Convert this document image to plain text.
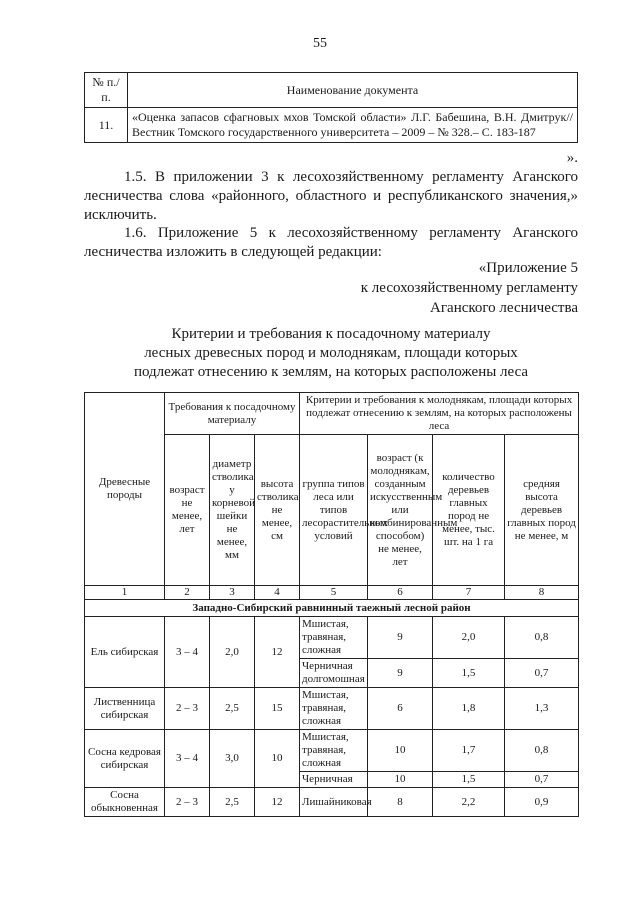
55
№ п./п.	Наименование документа
11.	«Оценка запасов сфагновых мхов Томской области» Л.Г. Бабешина, В.Н. Дмитрук// Вестник Томского государственного университета – 2009 – № 328.– С. 183-187
».
1.5. В приложении 3 к лесохозяйственному регламенту Аганского лесничества слова «районного, областного и республиканского значения,» исключить.
1.6. Приложение 5 к лесохозяйственному регламенту Аганского лесничества изложить в следующей редакции:
«Приложение 5
к лесохозяйственному регламенту
Аганского лесничества
Критерии и требования к посадочному материалу
лесных древесных пород и молоднякам, площади которых
подлежат отнесению к землям, на которых расположены леса
Древесные породы	Требования к посадочному материалу			Критерии и требования к молоднякам, площади которых подлежат отнесению к землям, на которых расположены леса			
	возраст не менее, лет	диаметр стволика у корневой шейки не менее, мм	высота стволика не менее, см	группа типов леса или типов лесорастительных условий	возраст (к молоднякам, созданным искусственным или комбинированным способом) не менее, лет	количество деревьев главных пород не менее, тыс. шт. на 1 га	средняя высота деревьев главных пород не менее, м
1	2	3	4	5	6	7	8
Западно-Сибирский равнинный таежный лесной район							
Ель сибирская	3 – 4	2,0	12	Мшистая, травяная, сложная	9	2,0	0,8
				Черничная долгомошная	9	1,5	0,7
Лиственница сибирская	2 – 3	2,5	15	Мшистая, травяная, сложная	6	1,8	1,3
Сосна кедровая сибирская	3 – 4	3,0	10	Мшистая, травяная, сложная	10	1,7	0,8
				Черничная	10	1,5	0,7
Сосна обыкновенная	2 – 3	2,5	12	Лишайниковая	8	2,2	0,9
